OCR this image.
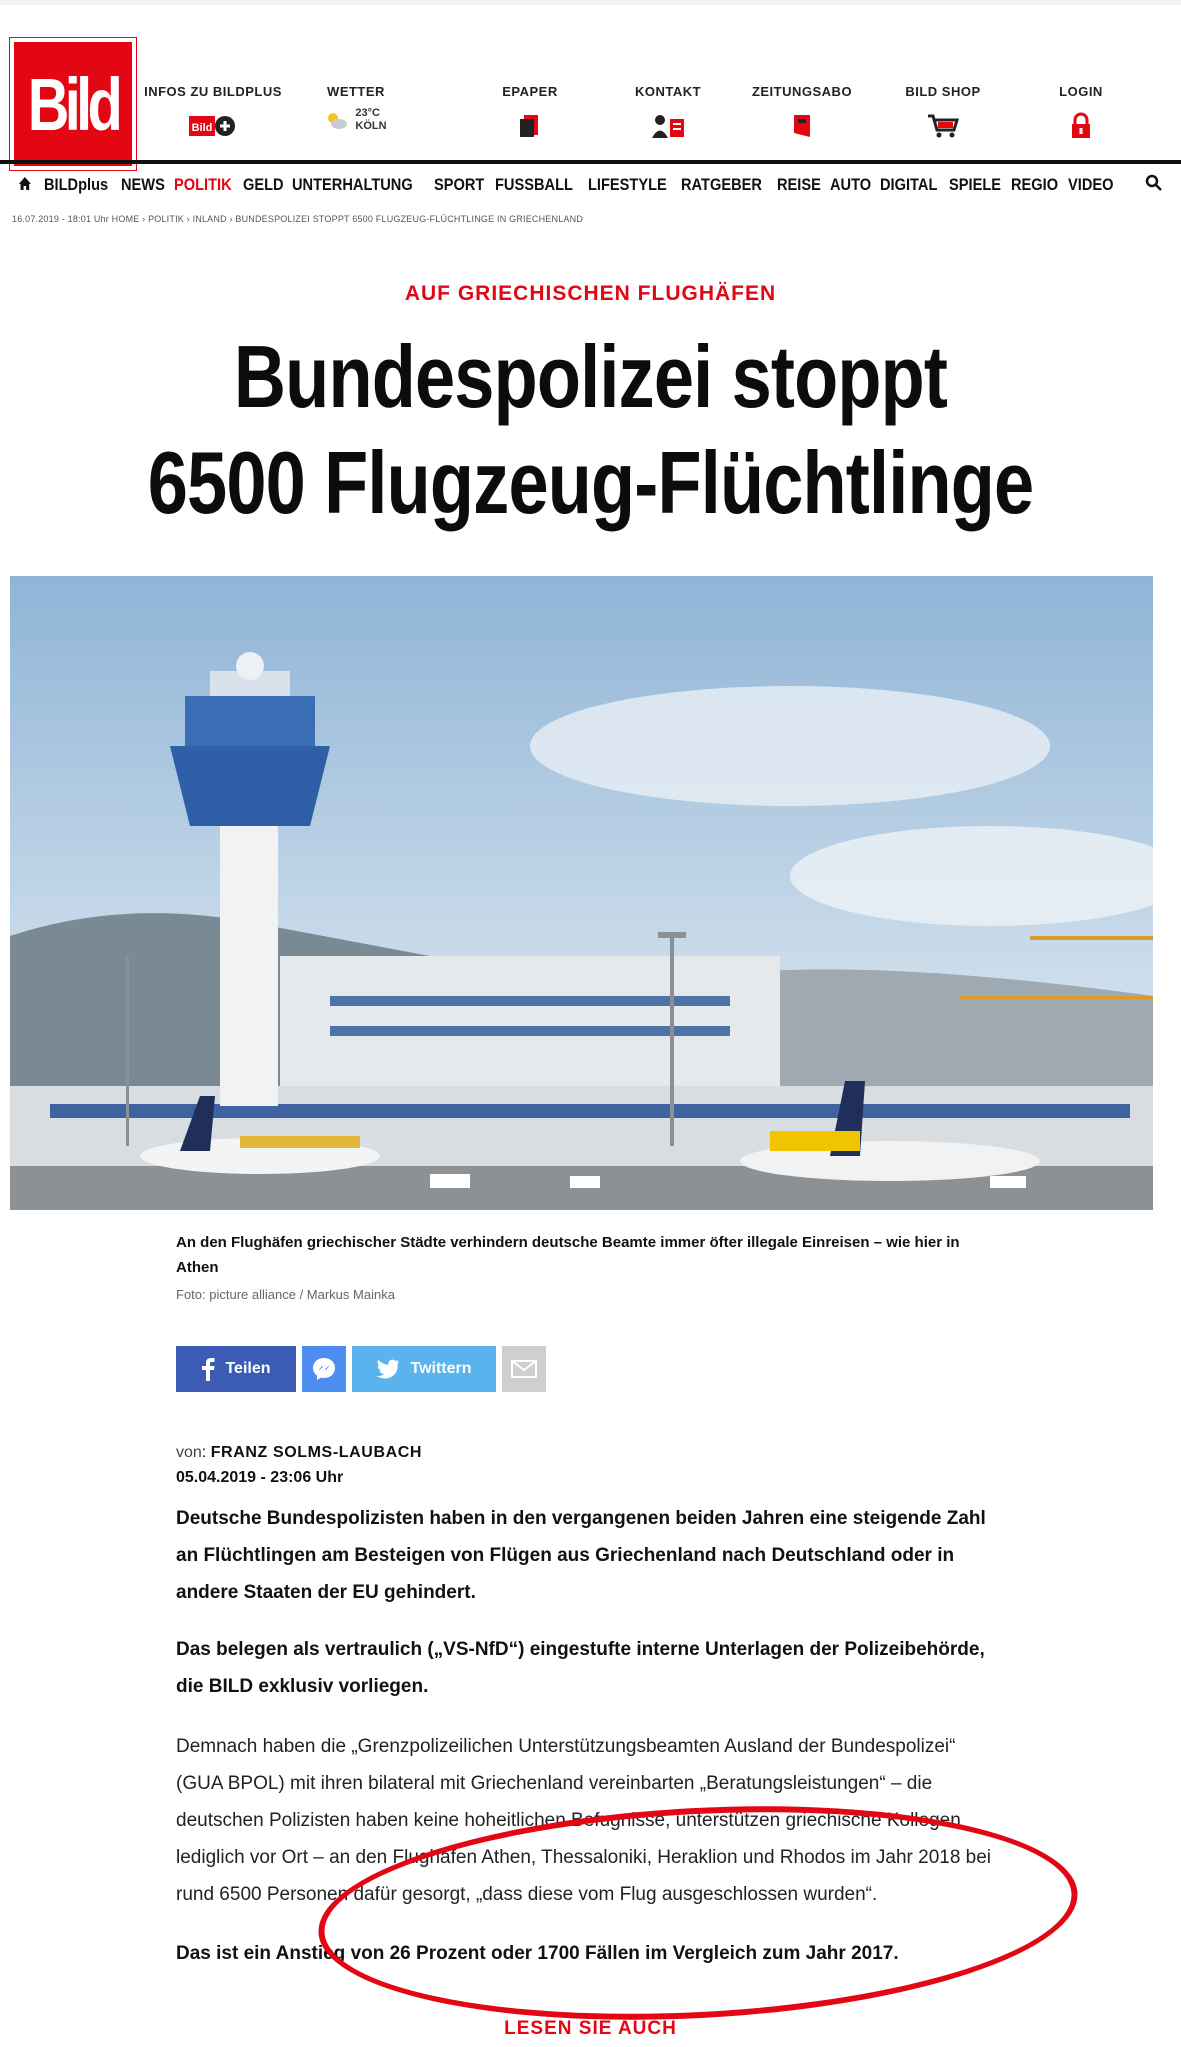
Bild	INFOS ZU BILDPLUS
Bild
WETTER
23°C
KÖLN
EPAPER	KONTAKT	ZEITUNGSABO	BILD SHOP	LOGIN
BILDplus NEWS POLITIK GELD UNTERHALTUNG SPORT FUSSBALL LIFESTYLE RATGEBER REISE AUTO DIGITAL SPIELE REGIO VIDEO
16.07.2019 - 18:01 Uhr HOME › POLITIK › INLAND › BUNDESPOLIZEI STOPPT 6500 FLUGZEUG-FLÜCHTLINGE IN GRIECHENLAND
AUF GRIECHISCHEN FLUGHÄFEN
Bundespolizei stoppt
6500 Flugzeug-Flüchtlinge
An den Flughäfen griechischer Städte verhindern deutsche Beamte immer öfter illegale Einreisen – wie hier in Athen
Foto: picture alliance / Markus Mainka
Teilen	Twittern
von: FRANZ SOLMS-LAUBACH
05.04.2019 - 23:06 Uhr
Deutsche Bundespolizisten haben in den vergangenen beiden Jahren eine steigende Zahl an Flüchtlingen am Besteigen von Flügen aus Griechenland nach Deutschland oder in andere Staaten der EU gehindert.
Das belegen als vertraulich („VS-NfD“) eingestufte interne Unterlagen der Polizeibehörde, die BILD exklusiv vorliegen.
Demnach haben die „Grenzpolizeilichen Unterstützungsbeamten Ausland der Bundespolizei“ (GUA BPOL) mit ihren bilateral mit Griechenland vereinbarten „Beratungsleistungen“ – die deutschen Polizisten haben keine hoheitlichen Befugnisse, unterstützen griechische Kollegen lediglich vor Ort – an den Flughäfen Athen, Thessaloniki, Heraklion und Rhodos im Jahr 2018 bei rund 6500 Personen dafür gesorgt, „dass diese vom Flug ausgeschlossen wurden“.
Das ist ein Anstieg von 26 Prozent oder 1700 Fällen im Vergleich zum Jahr 2017.
LESEN SIE AUCH
